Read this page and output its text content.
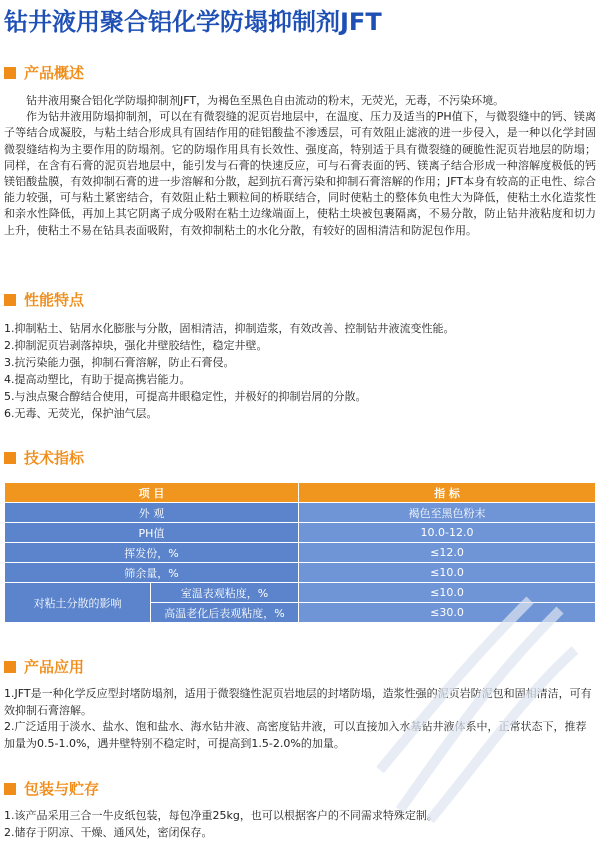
钻井液用聚合铝化学防塌抑制剂JFT
产品概述

钻井液用聚合铝化学防塌抑制剂JFT，为褐色至黑色自由流动的粉末，无荧光，无毒，不污染环境。

作为钻井液用防塌抑制剂，可以在有微裂缝的泥页岩地层中，在温度、压力及适当的PH值下，与微裂缝中的钙、镁离子等结合成凝胶，与粘土结合形成具有固结作用的硅铝酸盐不渗透层，可有效阻止滤液的进一步侵入，是一种以化学封固微裂缝结构为主要作用的防塌剂。它的防塌作用具有长效性、强度高，特别适于具有微裂缝的硬脆性泥页岩地层的防塌；同样，在含有石膏的泥页岩地层中，能引发与石膏的快速反应，可与石膏表面的钙、镁离子结合形成一种溶解度极低的钙镁铝酸盐膜，有效抑制石膏的进一步溶解和分散，起到抗石膏污染和抑制石膏溶解的作用；JFT本身有较高的正电性、综合能力较强，可与粘土紧密结合，有效阻止粘土颗粒间的桥联结合，同时使粘土的整体负电性大为降低，使粘土水化造浆性和亲水性降低，再加上其它阴离子成分吸附在粘土边缘端面上，使粘土块被包裹隔离，不易分散，防止钻井液粘度和切力上升，使粘土不易在钻具表面吸附，有效抑制粘土的水化分散，有较好的固相清洁和防泥包作用。

性能特点
1.抑制粘土、钻屑水化膨胀与分散，固相清洁，抑制造浆，有效改善、控制钻井液流变性能。
2.抑制泥页岩剥落掉块，强化井壁胶结性，稳定井壁。
3.抗污染能力强，抑制石膏溶解，防止石膏侵。
4.提高动塑比，有助于提高携岩能力。
5.与浊点聚合醇结合使用，可提高井眼稳定性，并极好的抑制岩屑的分散。
6.无毒、无荧光，保护油气层。
技术指标
项 目		指 标
外 观		褐色至黑色粉末
PH值		10.0-12.0
挥发份，%		≤12.0
筛余量，%		≤10.0
对粘土分散的影响	室温表观粘度，%	≤10.0
	高温老化后表观粘度，%	≤30.0
产品应用
1.JFT是一种化学反应型封堵防塌剂，适用于微裂缝性泥页岩地层的封堵防塌，造浆性强的泥页岩防泥包和固相清洁，可有效抑制石膏溶解。
2.广泛适用于淡水、盐水、饱和盐水、海水钻井液、高密度钻井液，可以直接加入水基钻井液体系中，正常状态下，推荐加量为0.5-1.0%，遇井壁特别不稳定时，可提高到1.5-2.0%的加量。
包装与贮存
1.该产品采用三合一牛皮纸包装，每包净重25kg，也可以根据客户的不同需求特殊定制。
2.储存于阴凉、干燥、通风处，密闭保存。
